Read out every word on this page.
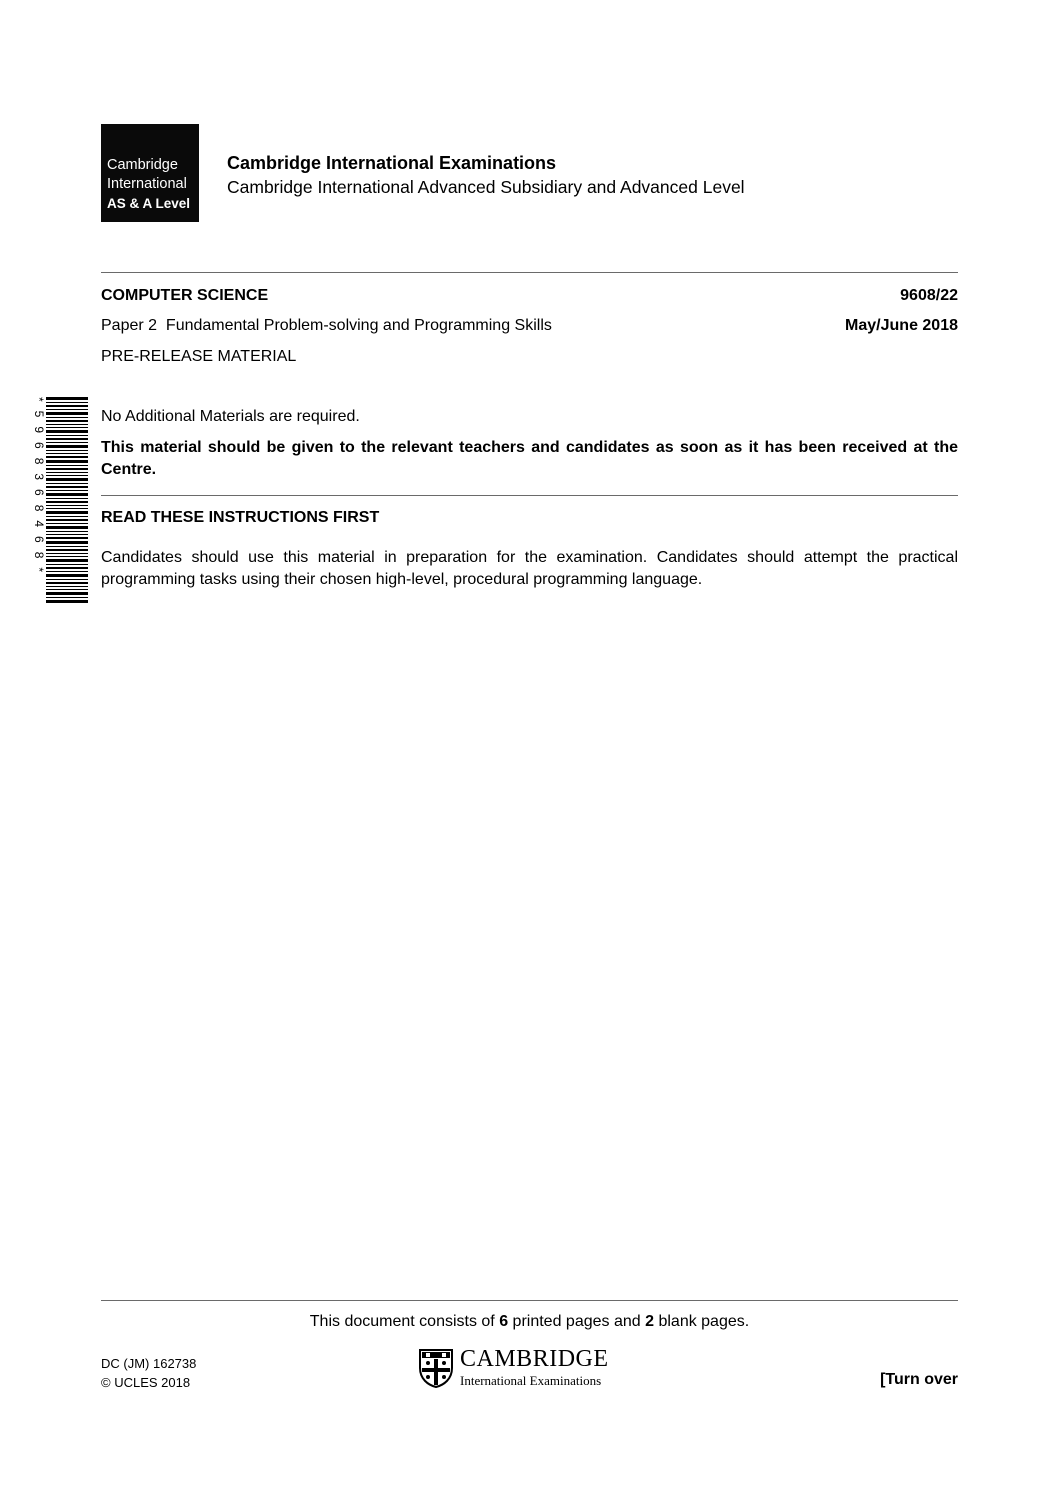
Cambridge
International
AS & A Level
Cambridge International Examinations
Cambridge International Advanced Subsidiary and Advanced Level
COMPUTER SCIENCE	9608/22
Paper 2  Fundamental Problem-solving and Programming Skills	May/June 2018
PRE-RELEASE MATERIAL
*5968368468*	No Additional Materials are required.
This material should be given to the relevant teachers and candidates as soon as it has been received at the Centre.
READ THESE INSTRUCTIONS FIRST
Candidates should use this material in preparation for the examination. Candidates should attempt the practical programming tasks using their chosen high-level, procedural programming language.
This document consists of 6 printed pages and 2 blank pages.
DC (JM) 162738
© UCLES 2018
CAMBRIDGE
International Examinations	[Turn over
